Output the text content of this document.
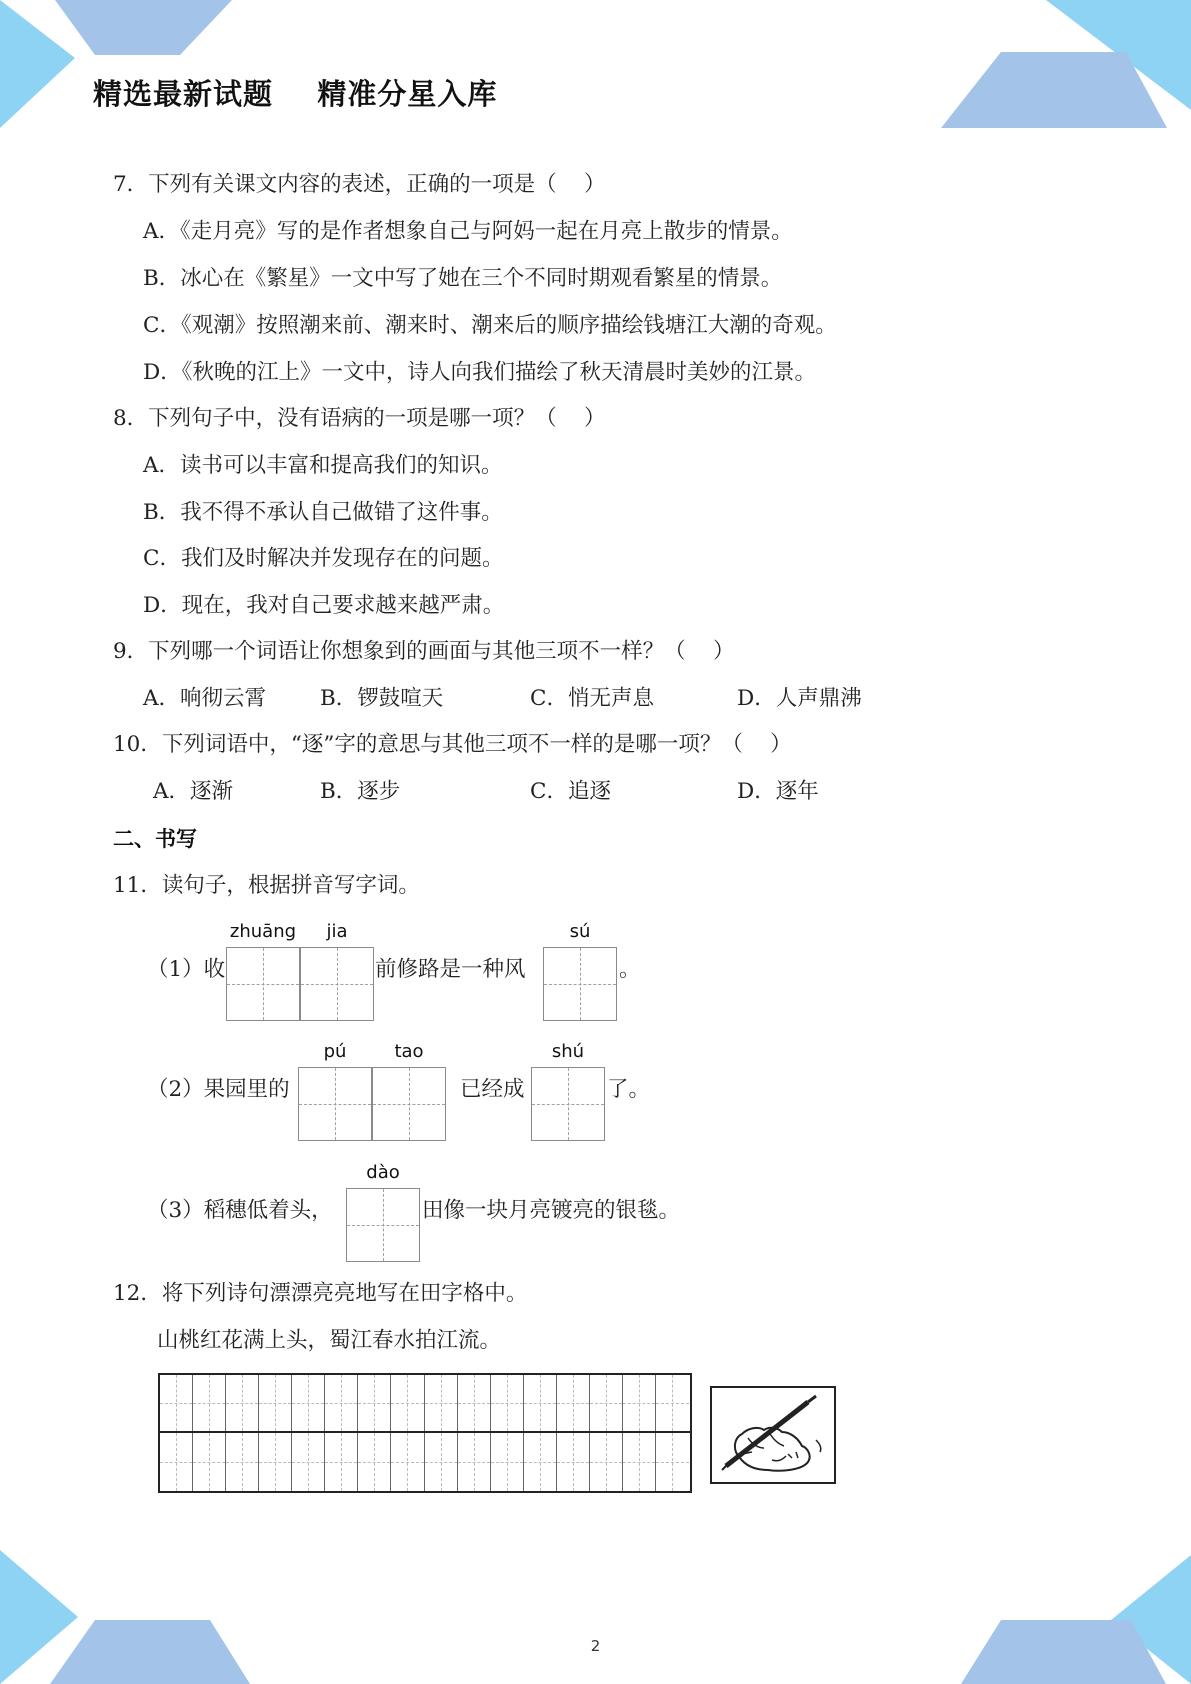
精选最新试题    精准分星入库
7．下列有关课文内容的表述，正确的一项是（    ）
A．《走月亮》写的是作者想象自己与阿妈一起在月亮上散步的情景。
B．冰心在《繁星》一文中写了她在三个不同时期观看繁星的情景。
C．《观潮》按照潮来前、潮来时、潮来后的顺序描绘钱塘江大潮的奇观。
D．《秋晚的江上》一文中，诗人向我们描绘了秋天清晨时美妙的江景。
8．下列句子中，没有语病的一项是哪一项？（    ）
A．读书可以丰富和提高我们的知识。
B．我不得不承认自己做错了这件事。
C．我们及时解决并发现存在的问题。
D．现在，我对自己要求越来越严肃。
9．下列哪一个词语让你想象到的画面与其他三项不一样？（    ）
A．响彻云霄	B．锣鼓喧天	C．悄无声息	D．人声鼎沸
10．下列词语中，“逐”字的意思与其他三项不一样的是哪一项？（    ）
A．逐渐	B．逐步	C．追逐	D．逐年
二、书写
11．读句子，根据拼音写字词。
zhuāng	jia	sú
（1）收	前修路是一种风	。
pú	tao	shú
（2）果园里的	已经成	了。
dào
（3）稻穗低着头，	田像一块月亮镀亮的银毯。
12．将下列诗句漂漂亮亮地写在田字格中。
山桃红花满上头，蜀江春水拍江流。
2
